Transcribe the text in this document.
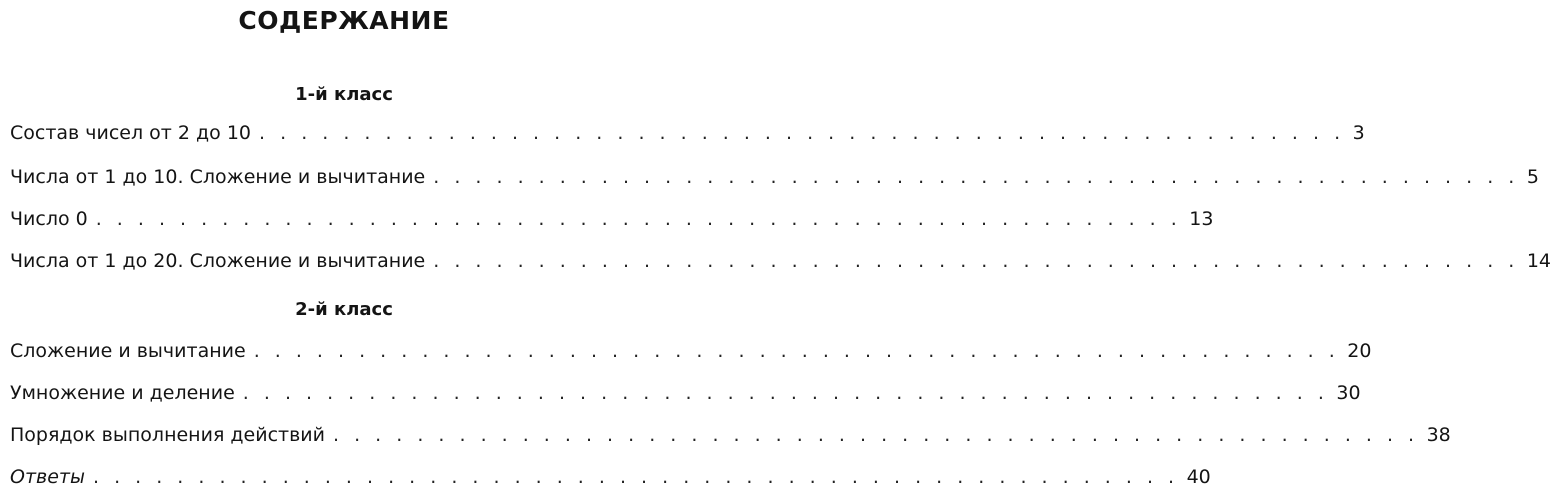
СОДЕРЖАНИЕ
1-й класс
Состав чисел от 2 до 10 . . . . . . . . . . . . . . . . . . . . . . . . . . . . . . . . . . . . . . . . . . . . . . . . . . . . 3
Числа от 1 до 10. Сложение и вычитание . . . . . . . . . . . . . . . . . . . . . . . . . . . . . . . . . . . . . . . . . . . . . . . . . . . . 5
Число 0 . . . . . . . . . . . . . . . . . . . . . . . . . . . . . . . . . . . . . . . . . . . . . . . . . . . . 13
Числа от 1 до 20. Сложение и вычитание . . . . . . . . . . . . . . . . . . . . . . . . . . . . . . . . . . . . . . . . . . . . . . . . . . . . 14
2-й класс
Сложение и вычитание . . . . . . . . . . . . . . . . . . . . . . . . . . . . . . . . . . . . . . . . . . . . . . . . . . . . 20
Умножение и деление . . . . . . . . . . . . . . . . . . . . . . . . . . . . . . . . . . . . . . . . . . . . . . . . . . . . 30
Порядок выполнения действий . . . . . . . . . . . . . . . . . . . . . . . . . . . . . . . . . . . . . . . . . . . . . . . . . . . . 38
Ответы . . . . . . . . . . . . . . . . . . . . . . . . . . . . . . . . . . . . . . . . . . . . . . . . . . . . 40
